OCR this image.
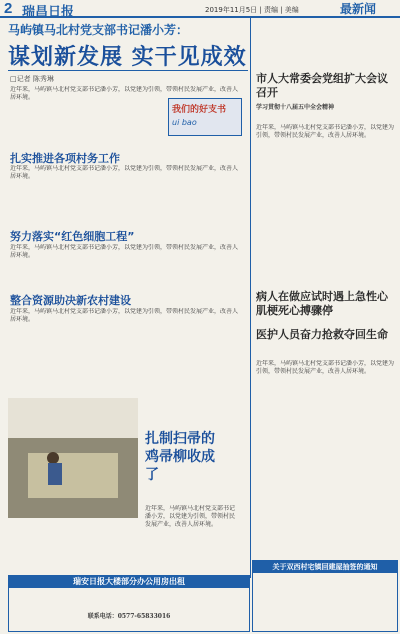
2 瑞昌日报	2019年11月5日 | 责编 | 美编	最新闻
马屿镇马北村党支部书记潘小芳：
谋划新发展 实干见成效
□记者 陈秀琳
近年来，马屿镇马北村党支部书记潘小芳，以党建为引领，带领村民发展产业，改善人居环境。
扎实推进各项村务工作
近年来，马屿镇马北村党支部书记潘小芳，以党建为引领，带领村民发展产业，改善人居环境。
努力落实“红色细胞工程”
近年来，马屿镇马北村党支部书记潘小芳，以党建为引领，带领村民发展产业，改善人居环境。
整合资源助决新农村建设
近年来，马屿镇马北村党支部书记潘小芳，以党建为引领，带领村民发展产业，改善人居环境。
我们的好支书
ui bao
扎制扫帚的鸡帚柳收成了
近年来，马屿镇马北村党支部书记潘小芳，以党建为引领，带领村民发展产业，改善人居环境。
市人大常委会党组扩大会议召开
学习贯彻十八届五中全会精神
近年来，马屿镇马北村党支部书记潘小芳，以党建为引领，带领村民发展产业，改善人居环境。
病人在做应试时遇上急性心肌梗死心搏骤停
医护人员奋力抢救夺回生命
近年来，马屿镇马北村党支部书记潘小芳，以党建为引领，带领村民发展产业，改善人居环境。
瑞安日报大楼部分办公用房出租
联系电话：0577-65833016
关于双西村宅镇回建屋抽签的通知
